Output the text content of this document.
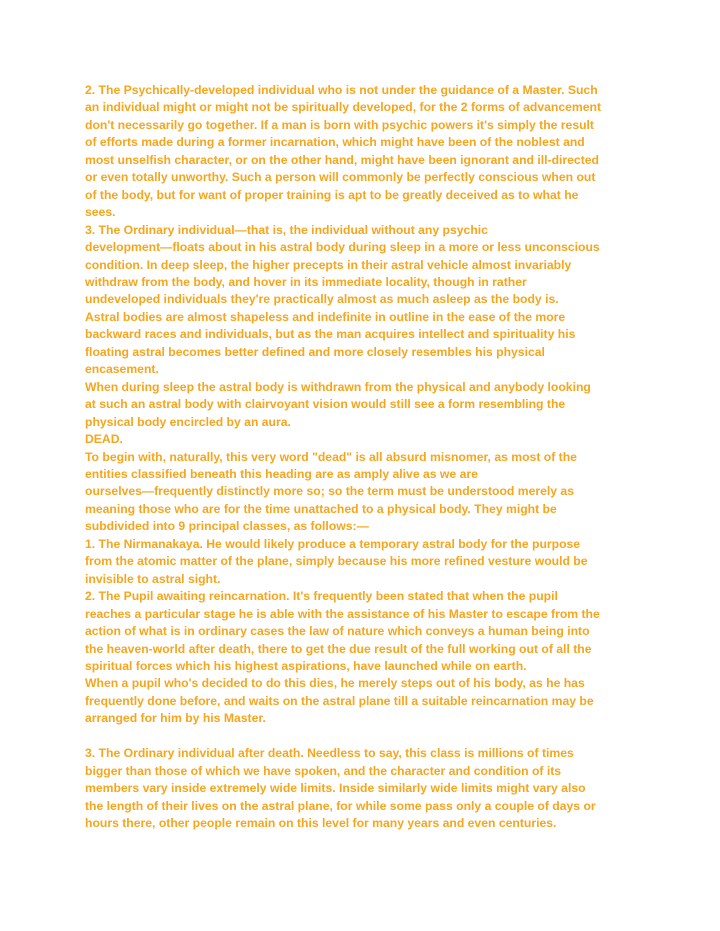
2. The Psychically-developed individual who is not under the guidance of a Master. Such
an individual might or might not be spiritually developed, for the 2 forms of advancement
don't necessarily go together. If a man is born with psychic powers it's simply the result
of efforts made during a former incarnation, which might have been of the noblest and
most unselfish character, or on the other hand, might have been ignorant and ill-directed
or even totally unworthy. Such a person will commonly be perfectly conscious when out
of the body, but for want of proper training is apt to be greatly deceived as to what he
sees.
3. The Ordinary individual—that is, the individual without any psychic
development—floats about in his astral body during sleep in a more or less unconscious
condition. In deep sleep, the higher precepts in their astral vehicle almost invariably
withdraw from the body, and hover in its immediate locality, though in rather
undeveloped individuals they're practically almost as much asleep as the body is.
Astral bodies are almost shapeless and indefinite in outline in the ease of the more
backward races and individuals, but as the man acquires intellect and spirituality his
floating astral becomes better defined and more closely resembles his physical
encasement.
When during sleep the astral body is withdrawn from the physical and anybody looking
at such an astral body with clairvoyant vision would still see a form resembling the
physical body encircled by an aura.
DEAD.
To begin with, naturally, this very word "dead" is all absurd misnomer, as most of the
entities classified beneath this heading are as amply alive as we are
ourselves—frequently distinctly more so; so the term must be understood merely as
meaning those who are for the time unattached to a physical body. They might be
subdivided into 9 principal classes, as follows:—
1. The Nirmanakaya. He would likely produce a temporary astral body for the purpose
from the atomic matter of the plane, simply because his more refined vesture would be
invisible to astral sight.
2. The Pupil awaiting reincarnation. It's frequently been stated that when the pupil
reaches a particular stage he is able with the assistance of his Master to escape from the
action of what is in ordinary cases the law of nature which conveys a human being into
the heaven-world after death, there to get the due result of the full working out of all the
spiritual forces which his highest aspirations, have launched while on earth.
When a pupil who's decided to do this dies, he merely steps out of his body, as he has
frequently done before, and waits on the astral plane till a suitable reincarnation may be
arranged for him by his Master.
3. The Ordinary individual after death. Needless to say, this class is millions of times
bigger than those of which we have spoken, and the character and condition of its
members vary inside extremely wide limits. Inside similarly wide limits might vary also
the length of their lives on the astral plane, for while some pass only a couple of days or
hours there, other people remain on this level for many years and even centuries.
